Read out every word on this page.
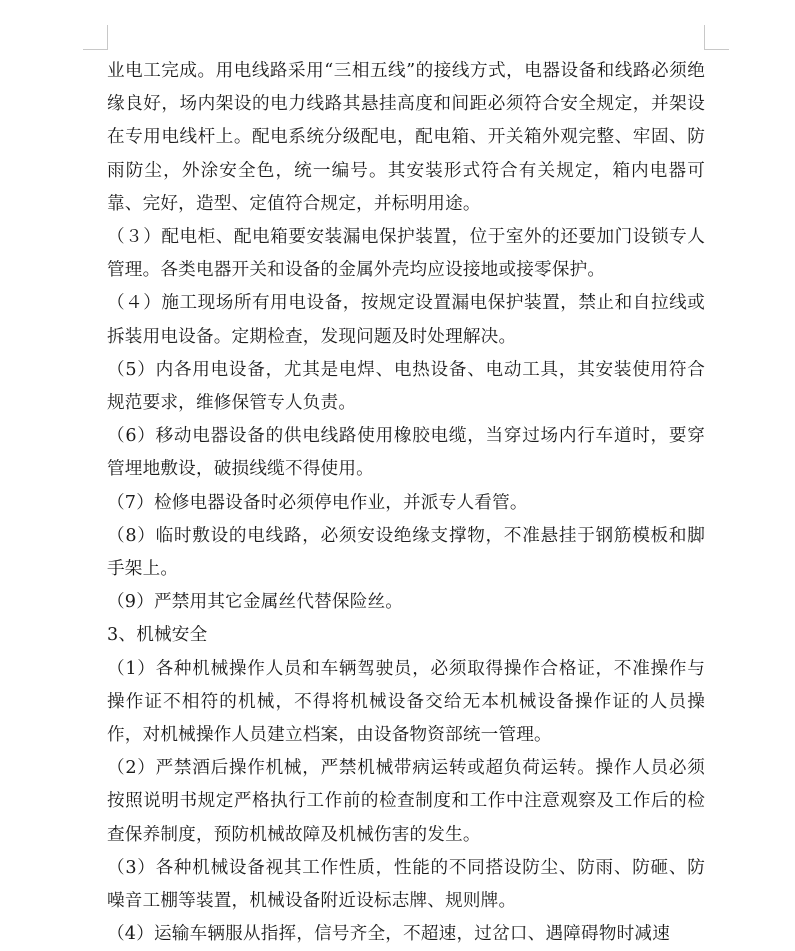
业电工完成。用电线路采用“三相五线”的接线方式，电器设备和线路必须绝缘良好，场内架设的电力线路其悬挂高度和间距必须符合安全规定，并架设在专用电线杆上。配电系统分级配电，配电箱、开关箱外观完整、牢固、防雨防尘，外涂安全色，统一编号。其安装形式符合有关规定，箱内电器可靠、完好，造型、定值符合规定，并标明用途。

（３）配电柜、配电箱要安装漏电保护装置，位于室外的还要加门设锁专人管理。各类电器开关和设备的金属外壳均应设接地或接零保护。

（４）施工现场所有用电设备，按规定设置漏电保护装置，禁止和自拉线或拆装用电设备。定期检查，发现问题及时处理解决。

（5）内各用电设备，尤其是电焊、电热设备、电动工具，其安装使用符合规范要求，维修保管专人负责。

（6）移动电器设备的供电线路使用橡胶电缆，当穿过场内行车道时，要穿管埋地敷设，破损线缆不得使用。

（7）检修电器设备时必须停电作业，并派专人看管。

（8）临时敷设的电线路，必须安设绝缘支撑物，不准悬挂于钢筋模板和脚手架上。

（9）严禁用其它金属丝代替保险丝。

3、机械安全

（1）各种机械操作人员和车辆驾驶员，必须取得操作合格证，不准操作与操作证不相符的机械，不得将机械设备交给无本机械设备操作证的人员操作，对机械操作人员建立档案，由设备物资部统一管理。

（2）严禁酒后操作机械，严禁机械带病运转或超负荷运转。操作人员必须按照说明书规定严格执行工作前的检查制度和工作中注意观察及工作后的检查保养制度，预防机械故障及机械伤害的发生。

（3）各种机械设备视其工作性质，性能的不同搭设防尘、防雨、防砸、防噪音工棚等装置，机械设备附近设标志牌、规则牌。

（4）运输车辆服从指挥，信号齐全，不超速，过岔口、遇障碍物时减速
